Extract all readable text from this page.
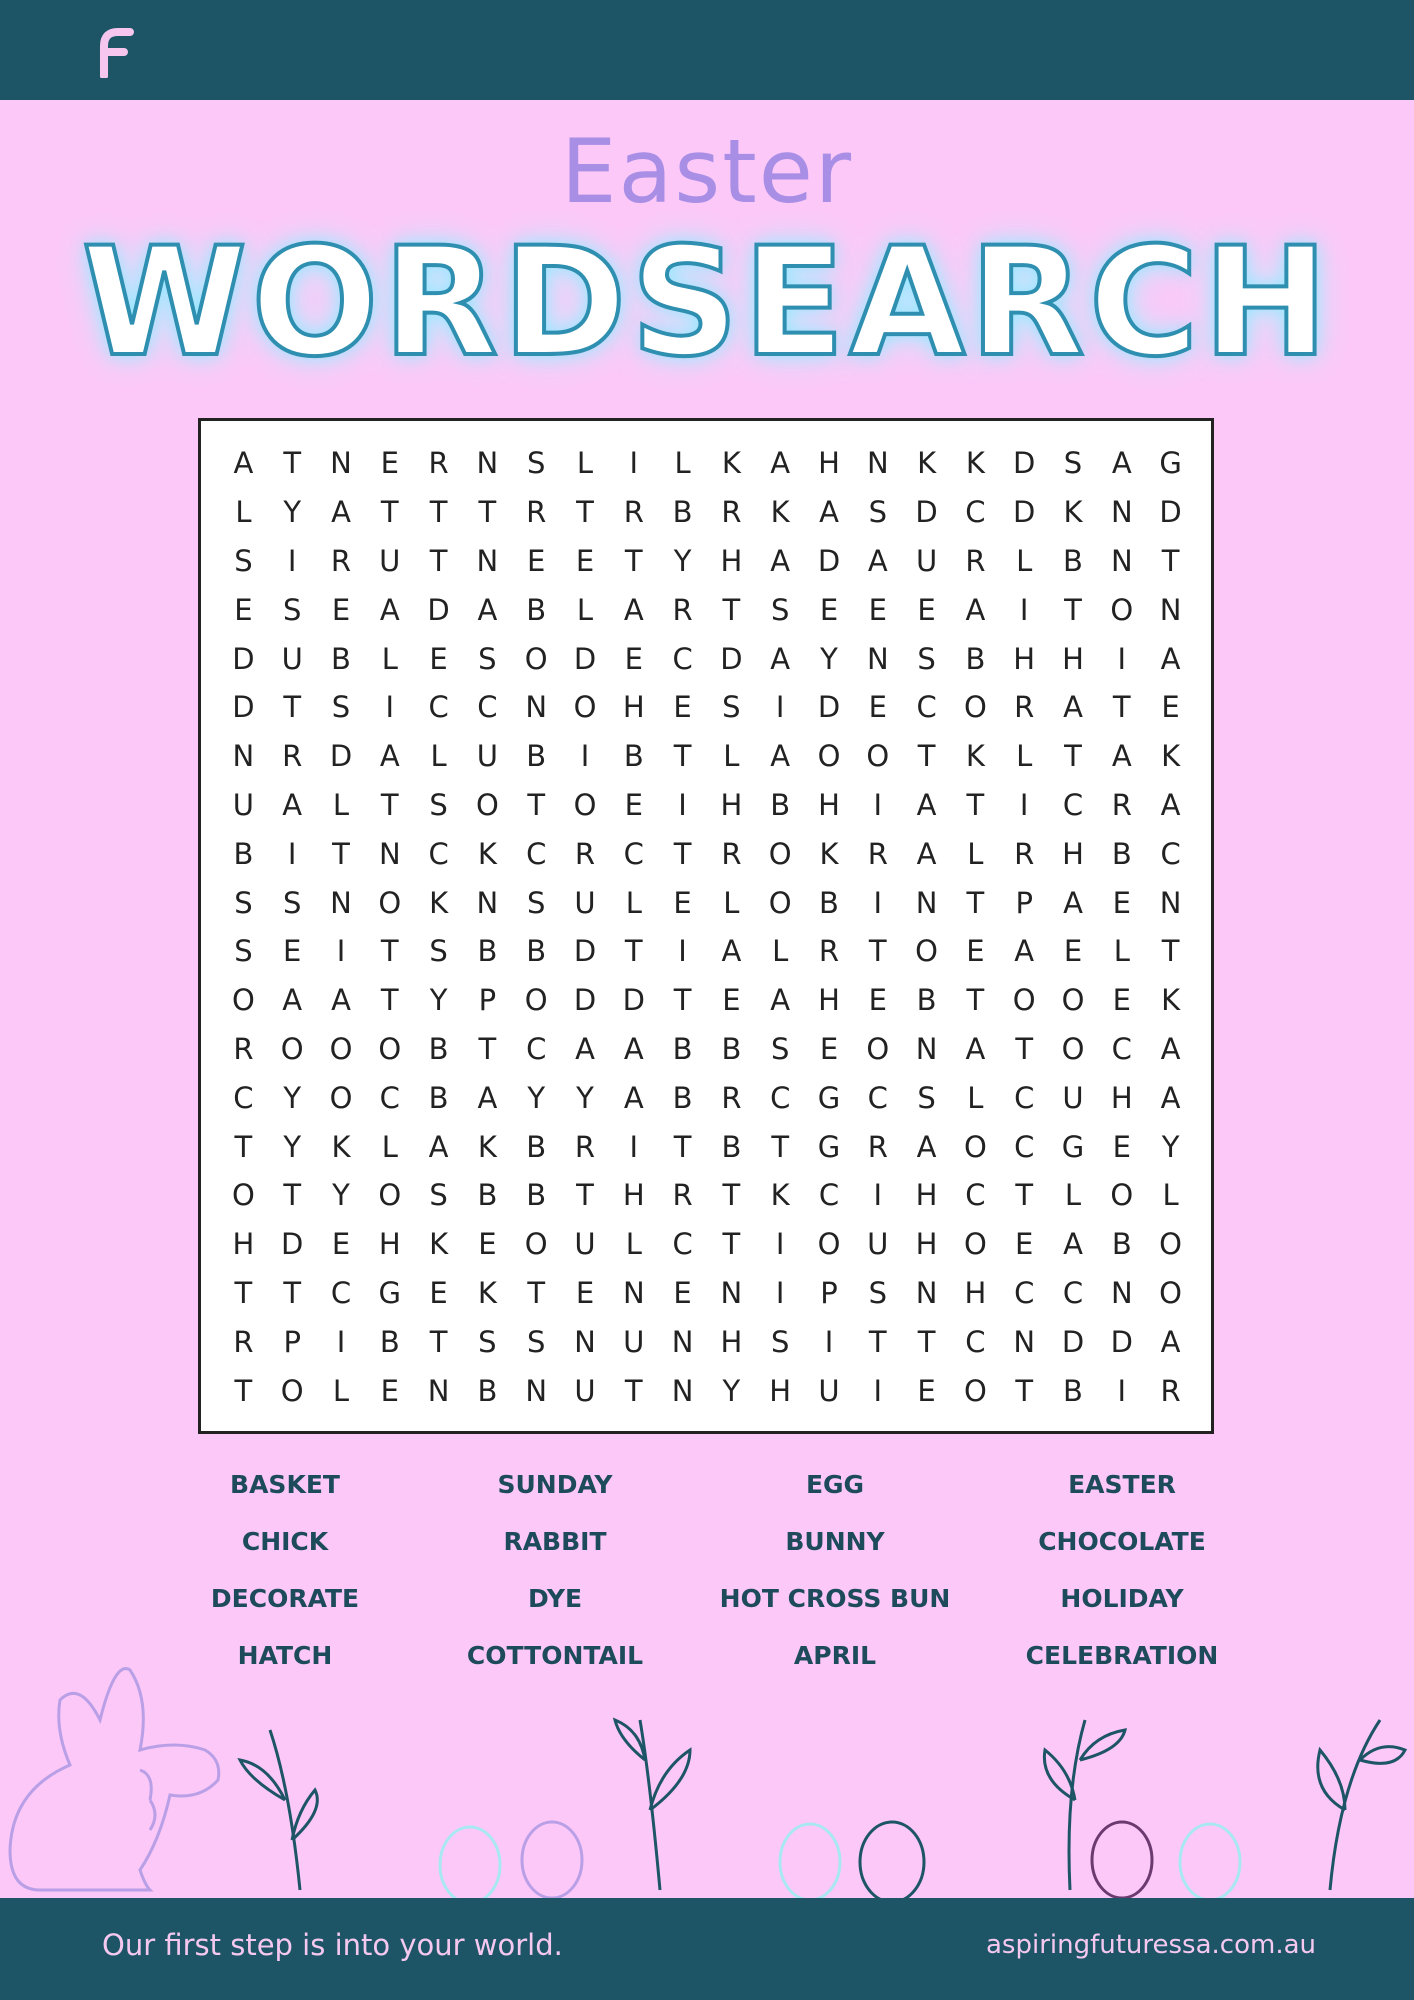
Easter
WORDSEARCH
A	T	N E	R N S	L	I	L	K	A H N K	K D S	A G
L	Y	A	T	T	T	R	T	R B R	K	A	S D C D K N D
S	I	R U	T	N E	E	T	Y	H A D A U R	L	B N	T
E	S	E	A D A B	L	A R	T	S	E	E	E	A	I	T O N
D U B	L	E	S O D E	C D A	Y	N S	B H H	I	A
D T	S	I	C C N O H E	S	I	D E	C O R A	T	E
N R D A	L	U B	I	B	T	L	A O O T	K	L	T	A	K
U A	L	T	S O T O E	I	H B H	I	A	T	I	C R A
B	I	T	N C	K	C R C	T	R O K	R A	L	R H B C
S	S N O K N S U	L	E	L	O B	I	N	T	P	A	E N
S	E	I	T	S	B B D T	I	A	L	R	T O E	A	E	L	T
O A A	T	Y	P O D D T	E	A H E	B	T O O E	K
R O O O B	T	C A A B B	S	E O N A	T O C A
C	Y O C B A	Y	Y	A B R C G C	S	L	C U H A
T	Y	K	L	A	K	B R	I	T	B	T G R A O C G E	Y
O T	Y O S	B B	T	H R	T	K	C	I	H C	T	L	O	L
H D E H K	E O U	L	C	T	I	O U H O E	A B O
T	T	C G E	K	T	E N E N	I	P	S N H C C N O
R	P	I	B	T	S	S N U N H S	I	T	T	C N D D A
T O	L	E N B N U	T	N	Y	H U	I	E O T	B	I	R
BASKET	SUNDAY	EGG	EASTER
CHICK	RABBIT	BUNNY	CHOCOLATE
DECORATE	DYE	HOT CROSS BUN	HOLIDAY
HATCH	COTTONTAIL	APRIL	CELEBRATION
Our first step is into your world.	aspiringfuturessa.com.au
